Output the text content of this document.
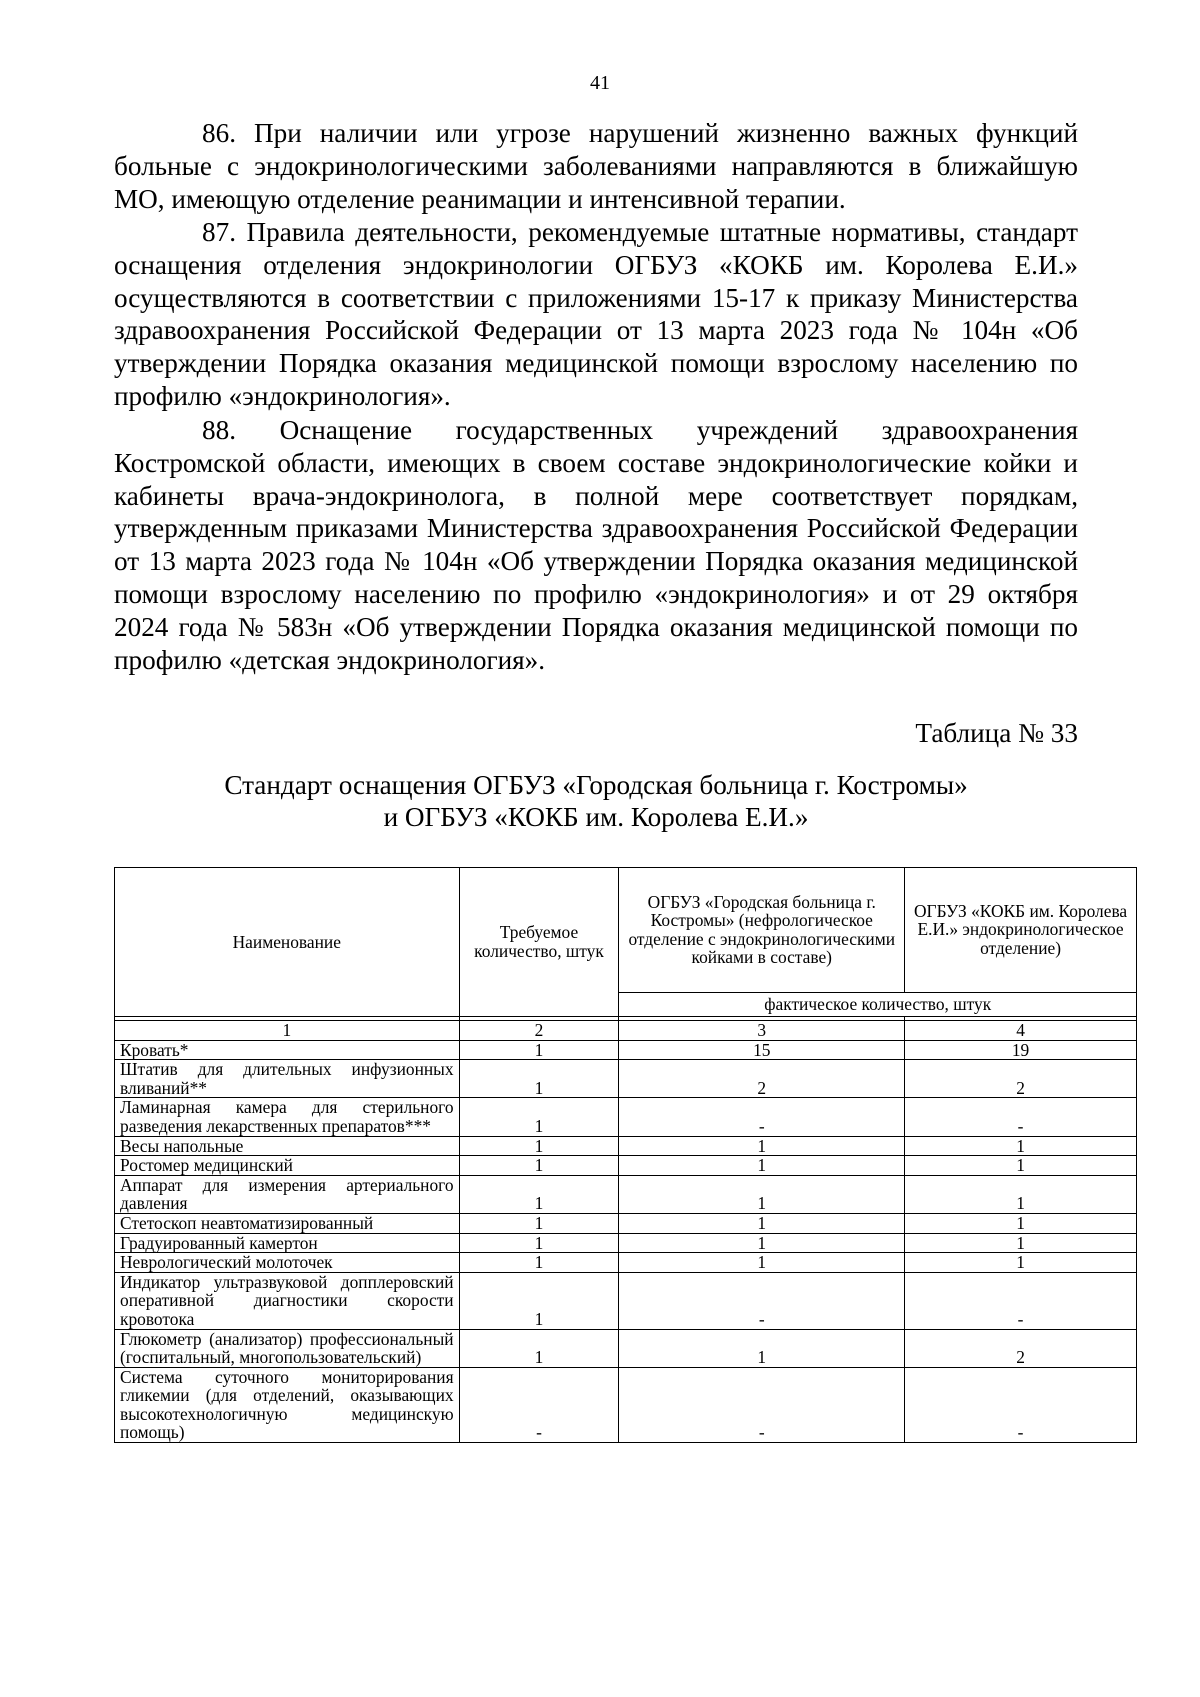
41

86. При наличии или угрозе нарушений жизненно важных функций больные с эндокринологическими заболеваниями направляются в ближайшую МО, имеющую отделение реанимации и интенсивной терапии.

87. Правила деятельности, рекомендуемые штатные нормативы, стандарт оснащения отделения эндокринологии ОГБУЗ «КОКБ им. Королева Е.И.» осуществляются в соответствии с приложениями 15-17 к приказу Министерства здравоохранения Российской Федерации от 13 марта 2023 года № 104н «Об утверждении Порядка оказания медицинской помощи взрослому населению по профилю «эндокринология».

88. Оснащение государственных учреждений здравоохранения Костромской области, имеющих в своем составе эндокринологические койки и кабинеты врача-эндокринолога, в полной мере соответствует порядкам, утвержденным приказами Министерства здравоохранения Российской Федерации от 13 марта 2023 года № 104н «Об утверждении Порядка оказания медицинской помощи взрослому населению по профилю «эндокринология» и от 29 октября 2024 года № 583н «Об утверждении Порядка оказания медицинской помощи по профилю «детская эндокринология».

Таблица № 33
Стандарт оснащения ОГБУЗ «Городская больница г. Костромы»
и ОГБУЗ «КОКБ им. Королева Е.И.»
Наименование	Требуемое количество, штук	ОГБУЗ «Городская больница г. Костромы» (нефрологическое отделение с эндокринологическими койками в составе)	ОГБУЗ «КОКБ им. Королева Е.И.» эндокринологическое отделение)
		фактическое количество, штук	

1	2	3	4
Кровать*	1	15	19
Штатив для длительных инфузионных вливаний**	1	2	2
Ламинарная камера для стерильного разведения лекарственных препаратов***	1	-	-
Весы напольные	1	1	1
Ростомер медицинский	1	1	1
Аппарат для измерения артериального давления	1	1	1
Стетоскоп неавтоматизированный	1	1	1
Градуированный камертон	1	1	1
Неврологический молоточек	1	1	1
Индикатор ультразвуковой допплеровский оперативной диагностики скорости кровотока	1	-	-
Глюкометр (анализатор) профессиональный (госпитальный, многопользовательский)	1	1	2
Система суточного мониторирования гликемии (для отделений, оказывающих высокотехнологичную медицинскую помощь)	-	-	-
